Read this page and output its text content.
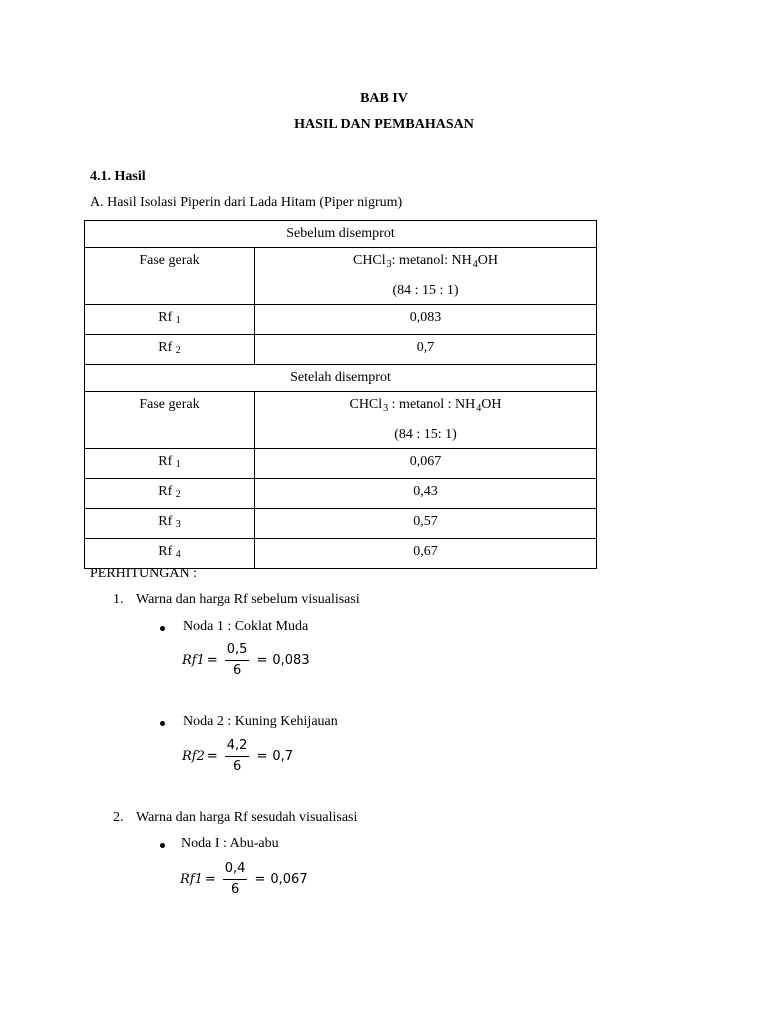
BAB IV
HASIL DAN PEMBAHASAN
4.1. Hasil
A. Hasil Isolasi Piperin dari Lada Hitam (Piper nigrum)
Sebelum disemprot	
Fase gerak	CHCl$_3$: metanol: $NH_4OH$
(84 : 15 : 1)

Rf $_1$	0,083
Rf $_2$	0,7
Setelah disemprot	
Fase gerak	CHCl$_3$ : metanol : $NH_4OH$
(84 : 15: 1)

Rf $_1$	0,067
Rf $_2$	0,43
Rf $_3$	0,57
Rf $_4$	0,67
PERHITUNGAN :
1. Warna dan harga Rf sebelum visualisasi
Noda 1 : Coklat Muda
$Rf1 = \frac{0,5}{6} = 0,083$
Noda 2 : Kuning Kehijauan
$Rf2 = \frac{4,2}{6} = 0,7$
2. Warna dan harga Rf sesudah visualisasi
Noda I : Abu-abu
$Rf1 = \frac{0,4}{6} = 0,067$
